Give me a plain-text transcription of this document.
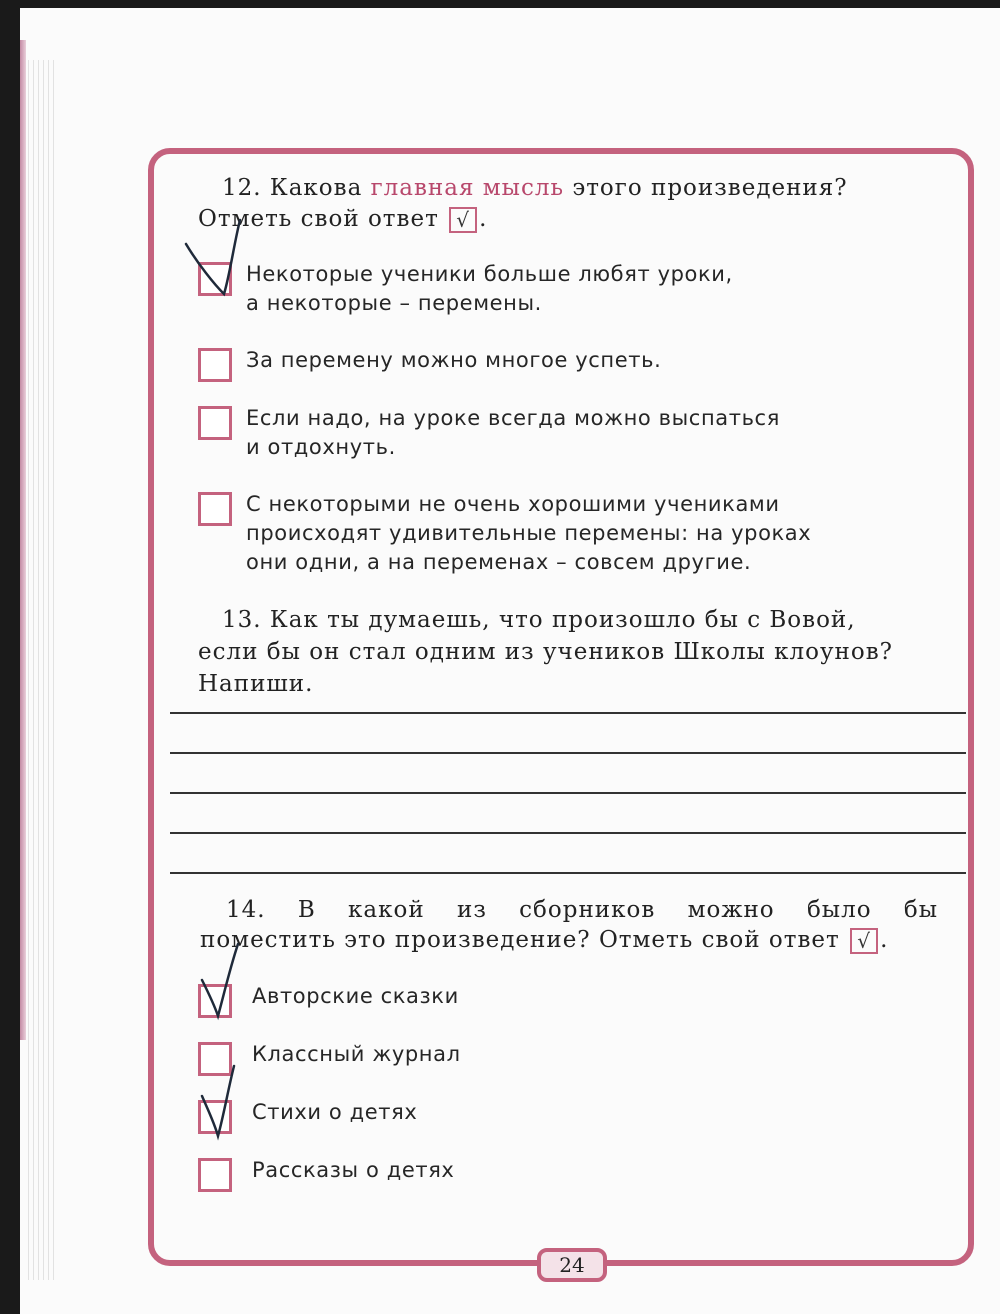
12. Какова главная мысль этого произведения?
Отметь свой ответ √ .
Некоторые ученики больше любят уроки,
а некоторые – перемены.
За перемену можно многое успеть.
Если надо, на уроке всегда можно выспаться
и отдохнуть.
С некоторыми не очень хорошими учениками
происходят удивительные перемены: на уроках
они одни, а на переменах – совсем другие.
13. Как ты думаешь, что произошло бы с Вовой,
если бы он стал одним из учеников Школы клоунов?
Напиши.
14. В какой из сборников можно было бы
поместить это произведение? Отметь свой ответ √ .
Авторские сказки
Классный журнал
Стихи о детях
Рассказы о детях
24
